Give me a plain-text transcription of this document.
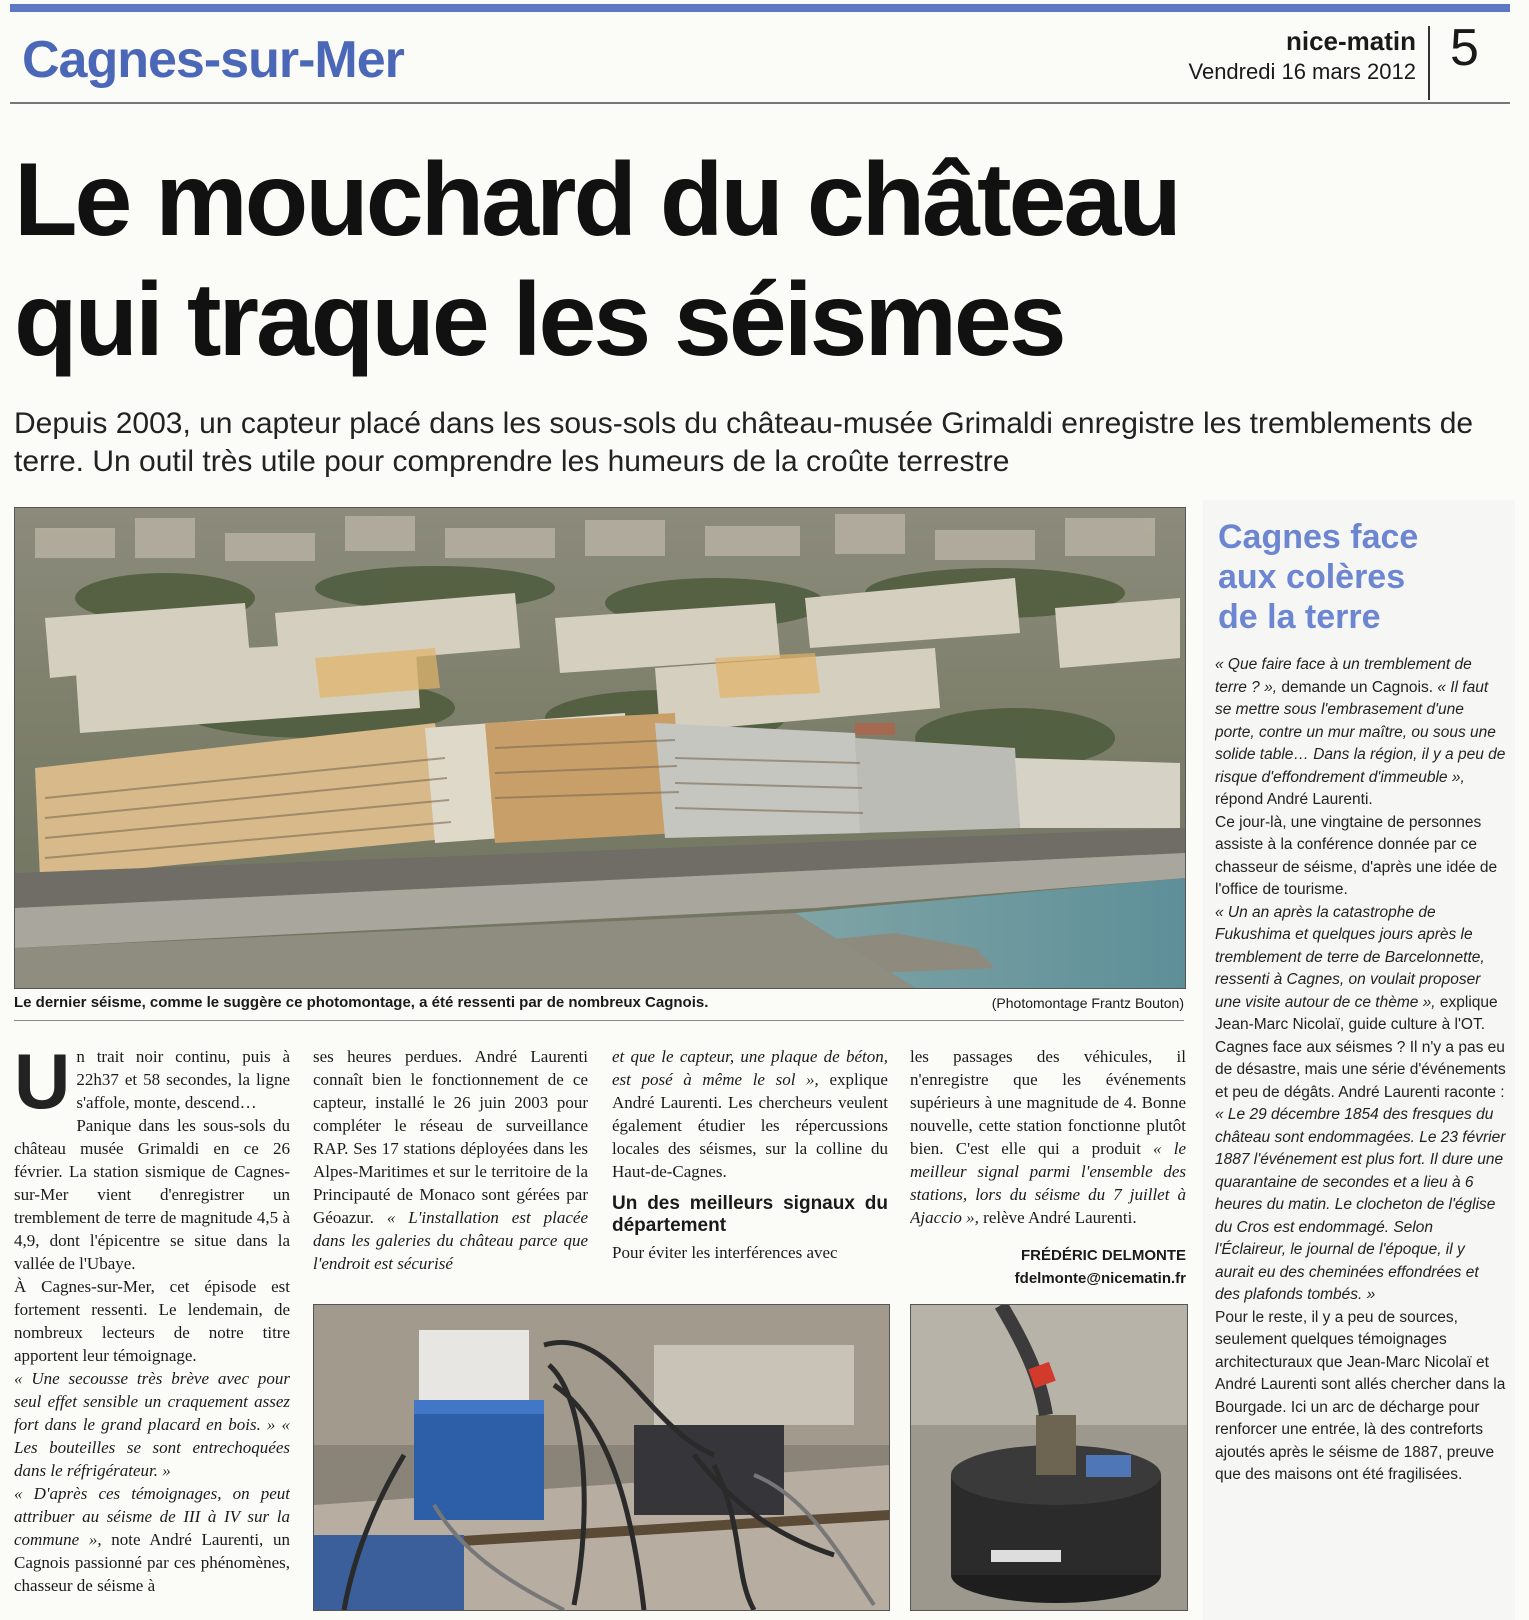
Cagnes-sur-Mer	nice-matin
Vendredi 16 mars 2012 5
Le mouchard du château
qui traque les séismes
Depuis 2003, un capteur placé dans les sous-sols du château-musée Grimaldi enregistre les tremblements de terre. Un outil très utile pour comprendre les humeurs de la croûte terrestre
Le dernier séisme, comme le suggère ce photomontage, a été ressenti par de nombreux Cagnois.	(Photomontage Frantz Bouton)
U n trait noir continu, puis à 22h37 et 58 secondes, la ligne s'affole, monte, descend…

Panique dans les sous-sols du château musée Grimaldi en ce 26 février. La station sismique de Cagnes-sur-Mer vient d'enregistrer un tremblement de terre de magnitude 4,5 à 4,9, dont l'épicentre se situe dans la vallée de l'Ubaye.

À Cagnes-sur-Mer, cet épisode est fortement ressenti. Le lendemain, de nombreux lecteurs de notre titre apportent leur témoignage.

« Une secousse très brève avec pour seul effet sensible un craquement assez fort dans le grand placard en bois. » « Les bouteilles se sont entrechoquées dans le réfrigérateur. »
« D'après ces témoignages, on peut attribuer au séisme de III à IV sur la commune », note André Laurenti, un Cagnois passionné par ces phénomènes, chasseur de séisme à

ses heures perdues. André Laurenti connaît bien le fonctionnement de ce capteur, installé le 26 juin 2003 pour compléter le réseau de surveillance RAP. Ses 17 stations déployées dans les Alpes-Maritimes et sur le territoire de la Principauté de Monaco sont gérées par Géoazur. « L'installation est placée dans les galeries du château parce que l'endroit est sécurisé

et que le capteur, une plaque de béton, est posé à même le sol », explique André Laurenti. Les chercheurs veulent également étudier les répercussions locales des séismes, sur la colline du Haut-de-Cagnes.

Un des meilleurs signaux du département

Pour éviter les interférences avec

les passages des véhicules, il n'enregistre que les événements supérieurs à une magnitude de 4. Bonne nouvelle, cette station fonctionne plutôt bien. C'est elle qui a produit « le meilleur signal parmi l'ensemble des stations, lors du séisme du 7 juillet à Ajaccio », relève André Laurenti.

FRÉDÉRIC DELMONTE
fdelmonte@nicematin.fr
Cagnes face
aux colères
de la terre

« Que faire face à un tremblement de terre ? », demande un Cagnois. « Il faut se mettre sous l'embrasement d'une porte, contre un mur maître, ou sous une solide table… Dans la région, il y a peu de risque d'effondrement d'immeuble », répond André Laurenti.

Ce jour-là, une vingtaine de personnes assiste à la conférence donnée par ce chasseur de séisme, d'après une idée de l'office de tourisme.

« Un an après la catastrophe de Fukushima et quelques jours après le tremblement de terre de Barcelonnette, ressenti à Cagnes, on voulait proposer une visite autour de ce thème », explique Jean-Marc Nicolaï, guide culture à l'OT.

Cagnes face aux séismes ? Il n'y a pas eu de désastre, mais une série d'événements et peu de dégâts. André Laurenti raconte : « Le 29 décembre 1854 des fresques du château sont endommagées. Le 23 février 1887 l'événement est plus fort. Il dure une quarantaine de secondes et a lieu à 6 heures du matin. Le clocheton de l'église du Cros est endommagé. Selon l'Éclaireur, le journal de l'époque, il y aurait eu des cheminées effondrées et des plafonds tombés. »

Pour le reste, il y a peu de sources, seulement quelques témoignages architecturaux que Jean-Marc Nicolaï et André Laurenti sont allés chercher dans la Bourgade. Ici un arc de décharge pour renforcer une entrée, là des contreforts ajoutés après le séisme de 1887, preuve que des maisons ont été fragilisées.
